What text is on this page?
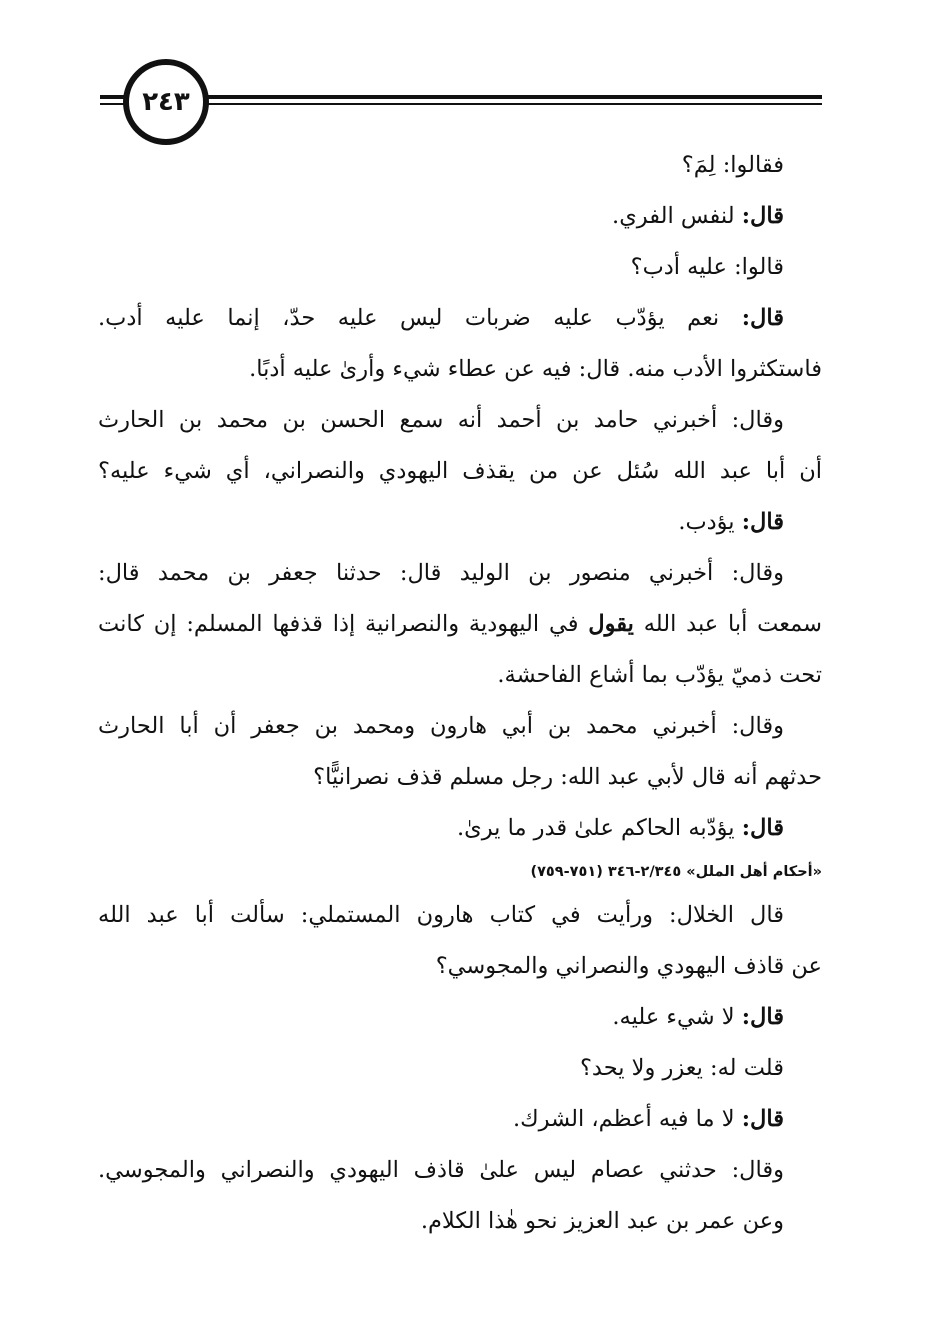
٢٤٣
فقالوا: لِمَ؟
قال: لنفس الفري.
قالوا: عليه أدب؟
قال: نعم يؤدّب عليه ضربات ليس عليه حدّ، إنما عليه أدب.
فاستكثروا الأدب منه. قال: فيه عن عطاء شيء وأرىٰ عليه أدبًا.
وقال: أخبرني حامد بن أحمد أنه سمع الحسن بن محمد بن الحارث
أن أبا عبد الله سُئل عن من يقذف اليهودي والنصراني، أي شيء عليه؟
قال: يؤدب.
وقال: أخبرني منصور بن الوليد قال: حدثنا جعفر بن محمد قال:
سمعت أبا عبد الله يقول في اليهودية والنصرانية إذا قذفها المسلم: إن كانت
تحت ذميّ يؤدّب بما أشاع الفاحشة.
وقال: أخبرني محمد بن أبي هارون ومحمد بن جعفر أن أبا الحارث
حدثهم أنه قال لأبي عبد الله: رجل مسلم قذف نصرانيًّا؟
قال: يؤدّبه الحاكم علىٰ قدر ما يرىٰ.
«أحكام أهل الملل» ٢/٣٤٥-٣٤٦ (٧٥١-٧٥٩)
قال الخلال: ورأيت في كتاب هارون المستملي: سألت أبا عبد الله
عن قاذف اليهودي والنصراني والمجوسي؟
قال: لا شيء عليه.
قلت له: يعزر ولا يحد؟
قال: لا ما فيه أعظم، الشرك.
وقال: حدثني عصام ليس علىٰ قاذف اليهودي والنصراني والمجوسي.
وعن عمر بن عبد العزيز نحو هٰذا الكلام.
